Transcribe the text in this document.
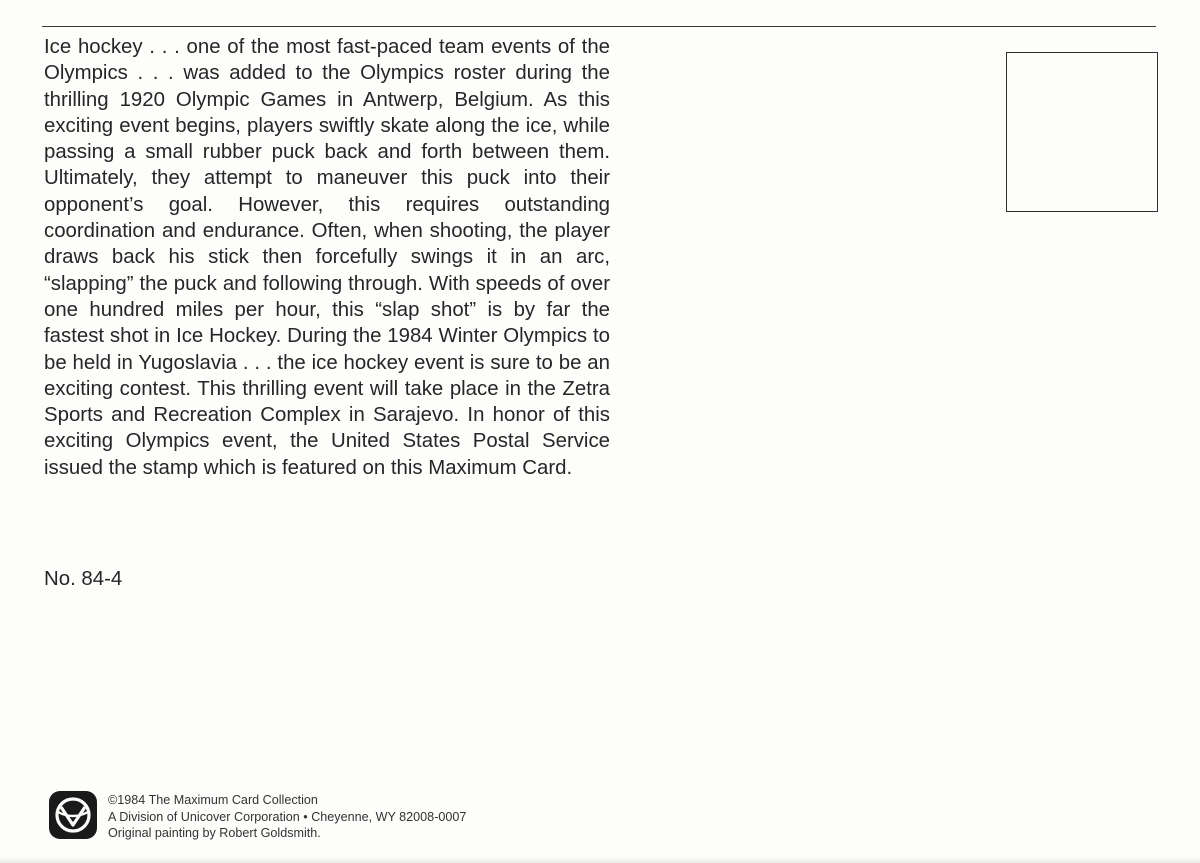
Ice hockey . . . one of the most fast-paced team events of the Olympics . . . was added to the Olympics roster during the thrilling 1920 Olympic Games in Antwerp, Belgium. As this exciting event begins, players swiftly skate along the ice, while passing a small rubber puck back and forth between them. Ultimately, they attempt to maneuver this puck into their opponent’s goal. However, this requires outstanding coordination and endurance. Often, when shooting, the player draws back his stick then forcefully swings it in an arc, “slapping” the puck and following through. With speeds of over one hundred miles per hour, this “slap shot” is by far the fastest shot in Ice Hockey. During the 1984 Winter Olympics to be held in Yugoslavia . . . the ice hockey event is sure to be an exciting contest. This thrilling event will take place in the Zetra Sports and Recreation Complex in Sarajevo. In honor of this exciting Olympics event, the United States Postal Service issued the stamp which is featured on this Maximum Card.

No. 84-4

©1984 The Maximum Card Collection
A Division of Unicover Corporation • Cheyenne, WY 82008-0007
Original painting by Robert Goldsmith.
